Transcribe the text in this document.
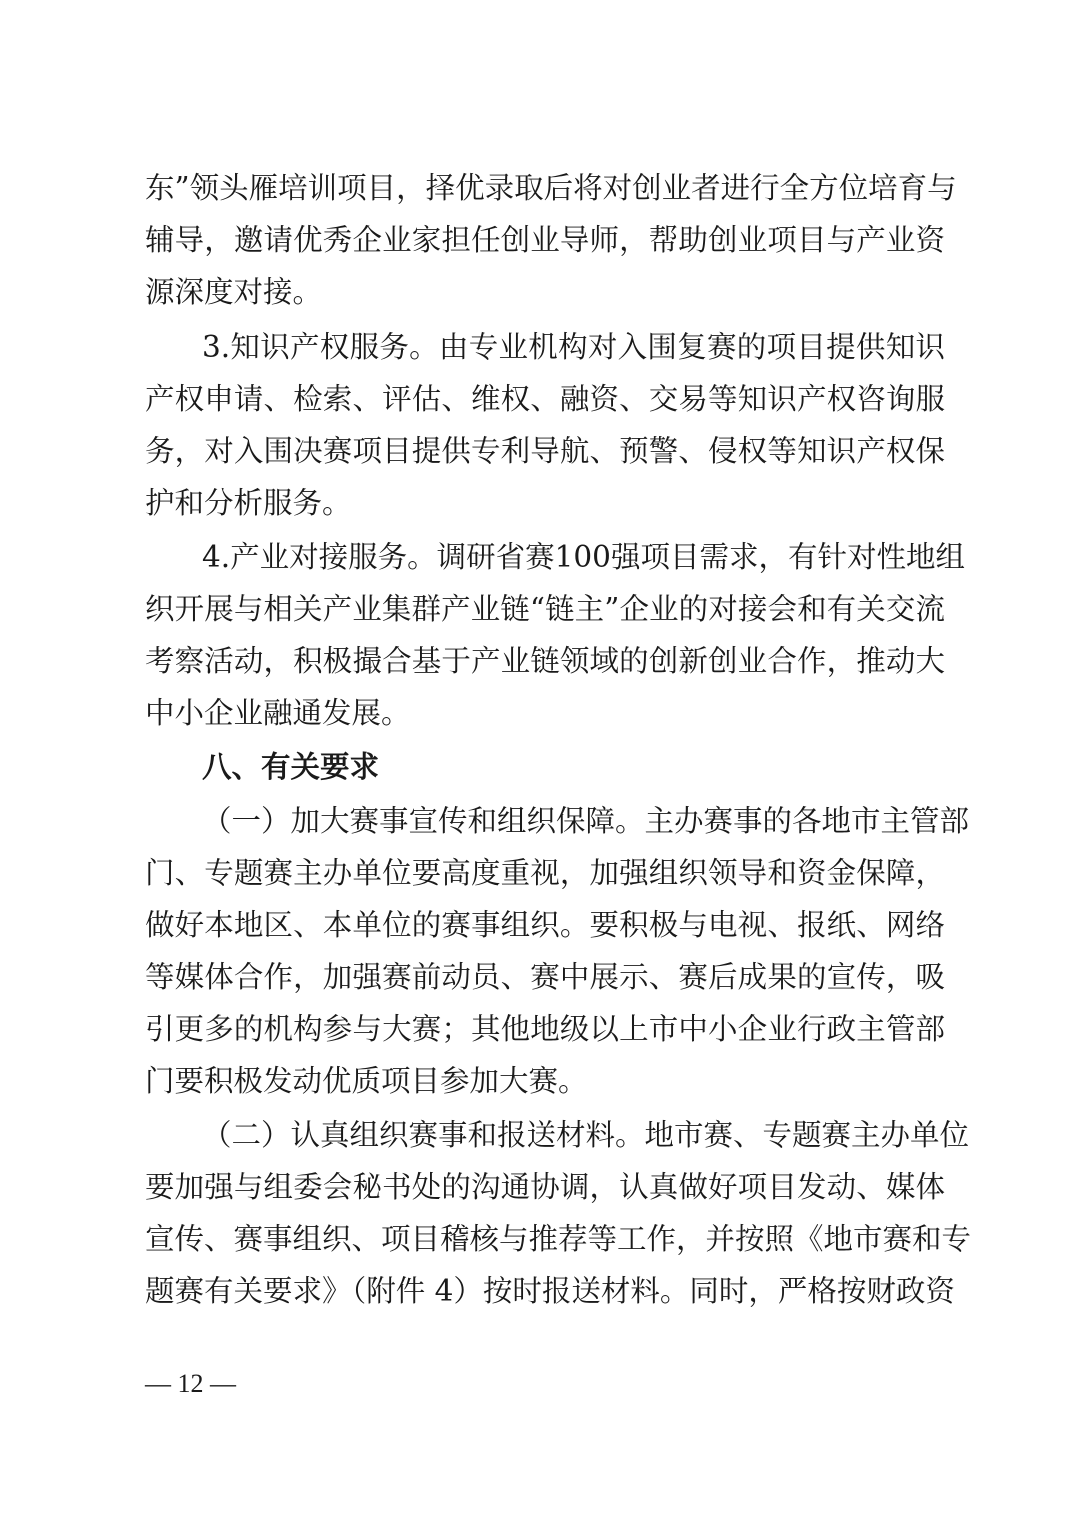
东”领头雁培训项目，择优录取后将对创业者进行全方位培育与
辅导，邀请优秀企业家担任创业导师，帮助创业项目与产业资
源深度对接。
3.知识产权服务。由专业机构对入围复赛的项目提供知识
产权申请、检索、评估、维权、融资、交易等知识产权咨询服
务，对入围决赛项目提供专利导航、预警、侵权等知识产权保
护和分析服务。
4.产业对接服务。调研省赛100强项目需求，有针对性地组
织开展与相关产业集群产业链“链主”企业的对接会和有关交流
考察活动，积极撮合基于产业链领域的创新创业合作，推动大
中小企业融通发展。
八、有关要求
（一）加大赛事宣传和组织保障。主办赛事的各地市主管部
门、专题赛主办单位要高度重视，加强组织领导和资金保障，
做好本地区、本单位的赛事组织。要积极与电视、报纸、网络
等媒体合作，加强赛前动员、赛中展示、赛后成果的宣传，吸
引更多的机构参与大赛；其他地级以上市中小企业行政主管部
门要积极发动优质项目参加大赛。
（二）认真组织赛事和报送材料。地市赛、专题赛主办单位
要加强与组委会秘书处的沟通协调，认真做好项目发动、媒体
宣传、赛事组织、项目稽核与推荐等工作，并按照《地市赛和专
题赛有关要求》（附件 4）按时报送材料。同时，严格按财政资
— 12 —
